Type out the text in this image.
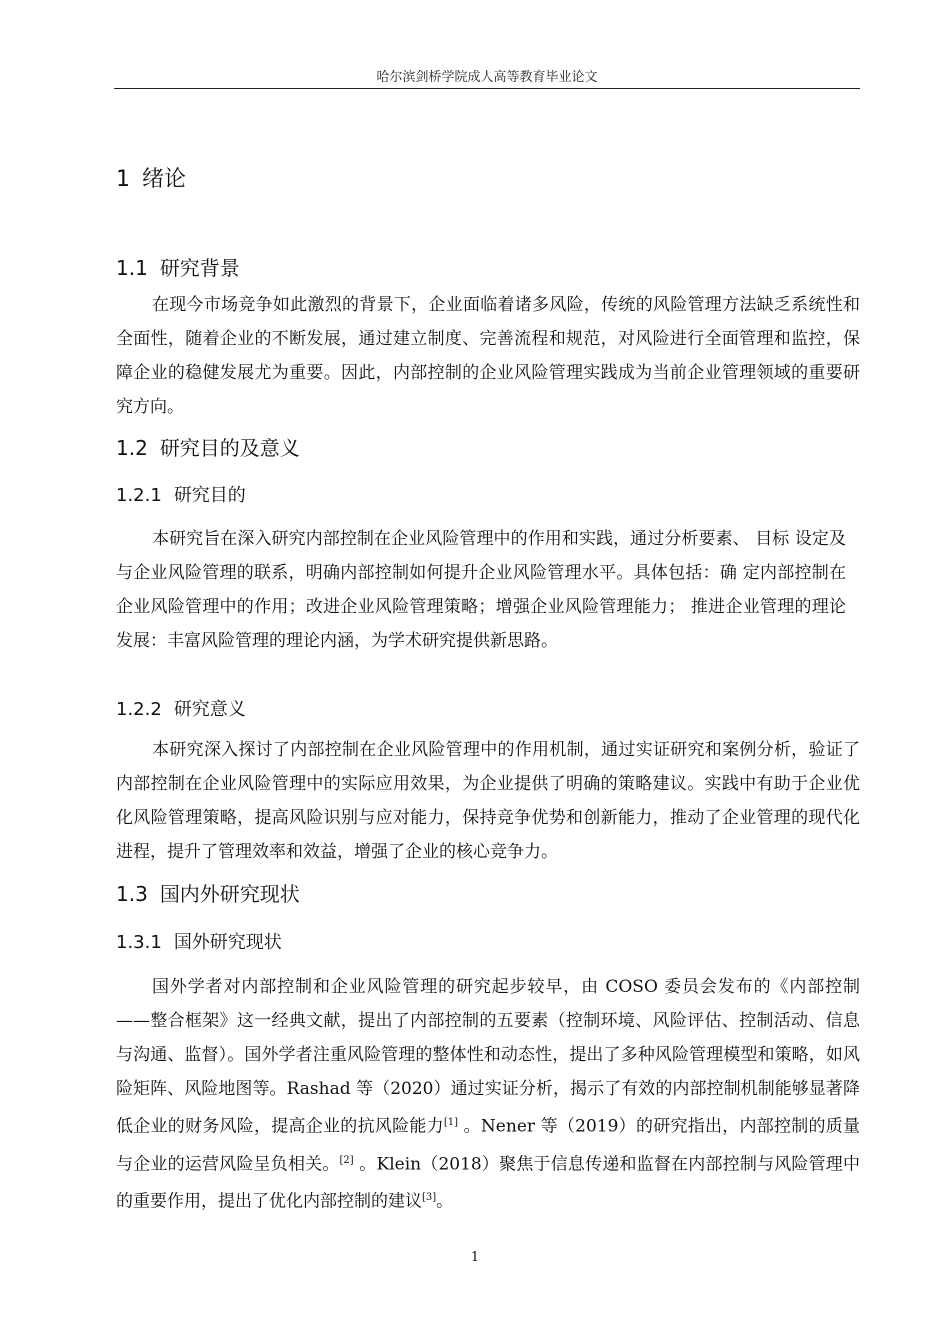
哈尔滨剑桥学院成人高等教育毕业论文
1 绪论
1.1 研究背景

在现今市场竞争如此激烈的背景下，企业面临着诸多风险，传统的风险管理方法缺乏系统性和全面性，随着企业的不断发展，通过建立制度、完善流程和规范，对风险进行全面管理和监控，保障企业的稳健发展尤为重要。因此，内部控制的企业风险管理实践成为当前企业管理领域的重要研究方向。

1.2 研究目的及意义
1.2.1 研究目的

本研究旨在深入研究内部控制在企业风险管理中的作用和实践，通过分析要素、 目标 设定及与企业风险管理的联系，明确内部控制如何提升企业风险管理水平。具体包括：确 定内部控制在企业风险管理中的作用；改进企业风险管理策略；增强企业风险管理能力； 推进企业管理的理论发展：丰富风险管理的理论内涵，为学术研究提供新思路。

1.2.2 研究意义

本研究深入探讨了内部控制在企业风险管理中的作用机制，通过实证研究和案例分析，验证了内部控制在企业风险管理中的实际应用效果，为企业提供了明确的策略建议。实践中有助于企业优化风险管理策略，提高风险识别与应对能力，保持竞争优势和创新能力，推动了企业管理的现代化进程，提升了管理效率和效益，增强了企业的核心竞争力。

1.3 国内外研究现状
1.3.1 国外研究现状

国外学者对内部控制和企业风险管理的研究起步较早，由 COSO 委员会发布的《内部控制——整合框架》这一经典文献，提出了内部控制的五要素（控制环境、风险评估、控制活动、信息与沟通、监督）。国外学者注重风险管理的整体性和动态性，提出了多种风险管理模型和策略，如风险矩阵、风险地图等。Rashad 等（2020）通过实证分析，揭示了有效的内部控制机制能够显著降低企业的财务风险，提高企业的抗风险能力[1] 。Nener 等（2019）的研究指出，内部控制的质量与企业的运营风险呈负相关。[2] 。Klein（2018）聚焦于信息传递和监督在内部控制与风险管理中的重要作用，提出了优化内部控制的建议[3]。

1
